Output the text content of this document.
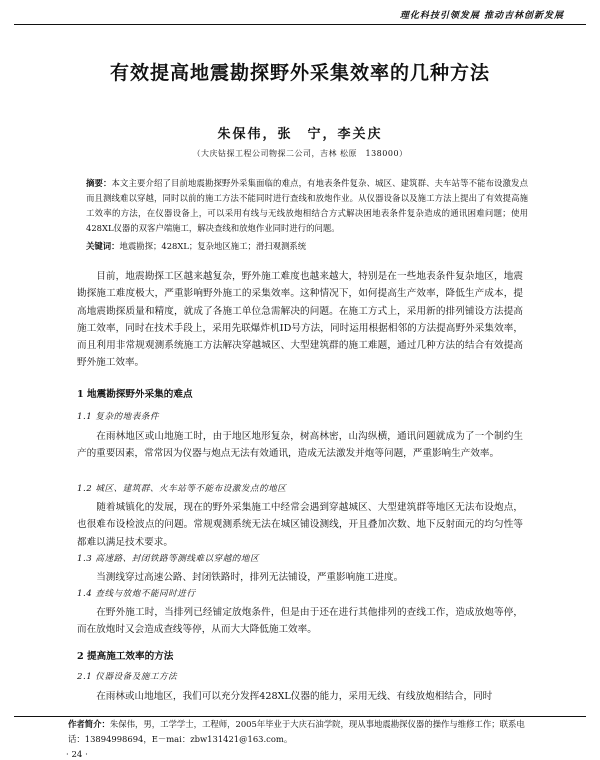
理化科技引领发展 推动吉林创新发展
有效提高地震勘探野外采集效率的几种方法
朱保伟，张　宁，李关庆
（大庆钻探工程公司物探二公司，吉林 松原　138000）
摘要：本文主要介绍了目前地震勘探野外采集面临的难点，有地表条件复杂、城区、建筑群、夫车站等不能布设激发点而且测线难以穿越，同时以前的施工方法不能同时进行查线和放炮作业。从仪器设备以及施工方法上提出了有效提高施工效率的方法，在仪器设备上，可以采用有线与无线放炮相结合方式解决困地表条件复杂造成的通讯困难问题；使用428XL仪器的双客户端施工，解决查线和放炮作业同时进行的问题。
关键词：地震勘探；428XL；复杂地区施工；滑扫观测系统

目前，地震勘探工区越来越复杂，野外施工难度也越来越大，特别是在一些地表条件复杂地区，地震勘探施工难度极大，严重影响野外施工的采集效率。这种情况下，如何提高生产效率，降低生产成本，提高地震勘探质量和精度，就成了各施工单位急需解决的问题。在施工方式上，采用新的排列铺设方法提高施工效率，同时在技术手段上，采用先联爆炸机ID号方法，同时运用根据相邻的方法提高野外采集效率，而且利用非常规观测系统施工方法解决穿越城区、大型建筑群的施工难题，通过几种方法的结合有效提高野外施工效率。

1 地震勘探野外采集的难点
1.1 复杂的地表条件

在雨林地区或山地施工时，由于地区地形复杂，树高林密，山沟纵横，通讯问题就成为了一个制约生产的重要因素，常常因为仪器与炮点无法有效通讯，造成无法激发并炮等问题，严重影响生产效率。

1.2 城区、建筑群、火车站等不能布设激发点的地区

随着城镇化的发展，现在的野外采集施工中经常会遇到穿越城区、大型建筑群等地区无法布设炮点，也很难布设检波点的问题。常规观测系统无法在城区铺设测线，开且叠加次数、地下反射面元的均匀性等都难以满足技术要求。

1.3 高速路、封闭铁路等测线难以穿越的地区

当测线穿过高速公路、封闭铁路时，排列无法铺设，严重影响施工进度。

1.4 查线与放炮不能同时进行

在野外施工时，当排列已经铺定放炮条件，但是由于还在进行其他排列的查线工作，造成放炮等停，而在放炮时又会造成查线等停，从而大大降低施工效率。

2 提高施工效率的方法
2.1 仪器设备及施工方法

在雨林或山地地区，我们可以充分发挥428XL仪器的能力，采用无线、有线放炮相结合，同时

作者简介：朱保伟，男，工学学士，工程师，2005年毕业于大庆石油学院，现从事地震勘探仪器的操作与维修工作；联系电话：13894998694，E－mai：zbw131421@163.com。
· 24 ·
